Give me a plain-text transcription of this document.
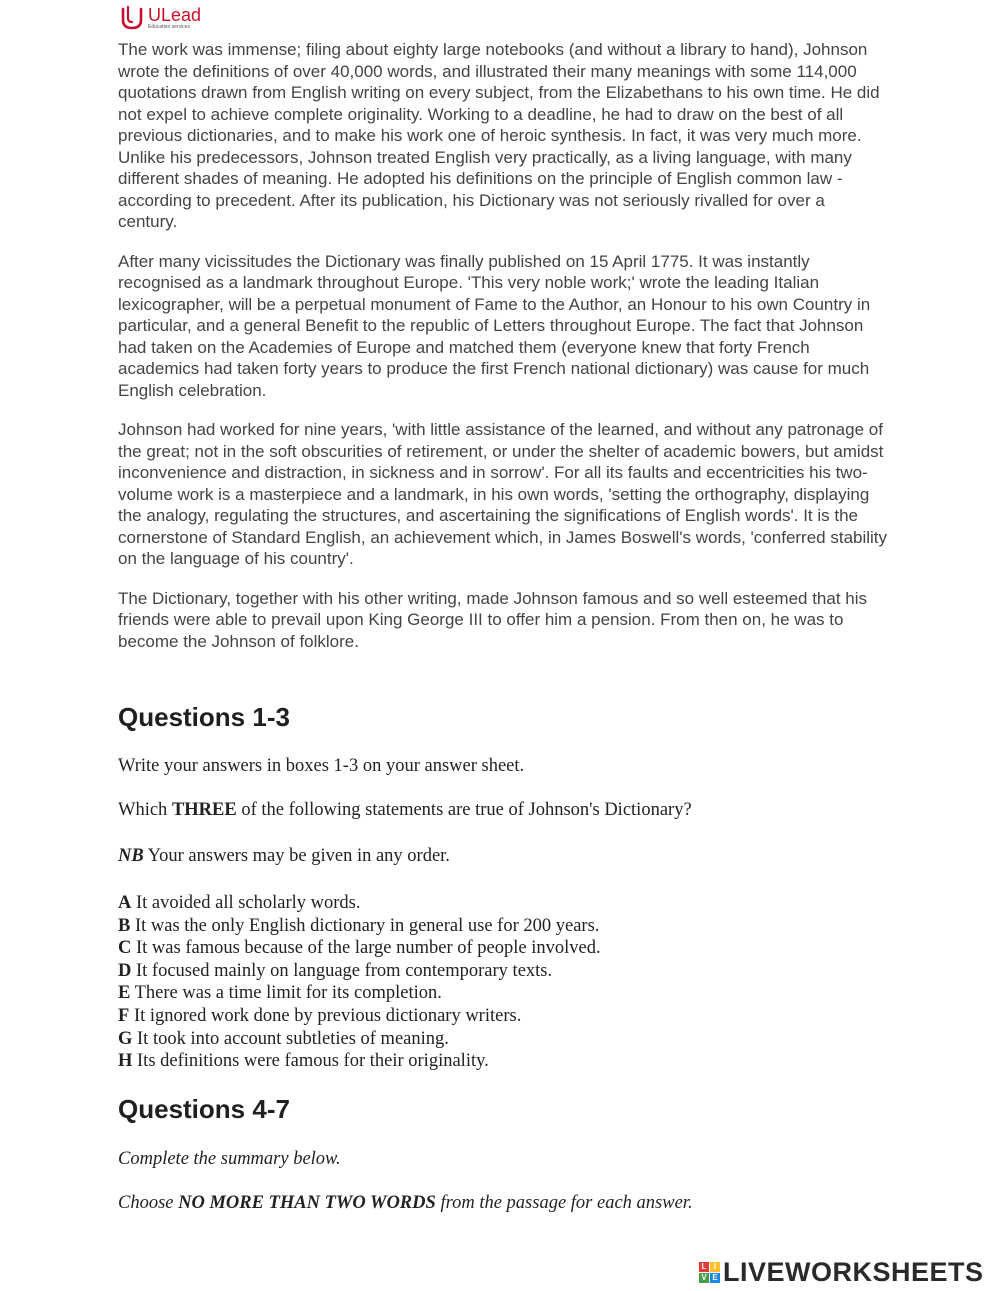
ULead
Education services

The work was immense; filing about eighty large notebooks (and without a library to hand), Johnson wrote the definitions of over 40,000 words, and illustrated their many meanings with some 114,000 quotations drawn from English writing on every subject, from the Elizabethans to his own time. He did not expel to achieve complete originality. Working to a deadline, he had to draw on the best of all previous dictionaries, and to make his work one of heroic synthesis. In fact, it was very much more. Unlike his predecessors, Johnson treated English very practically, as a living language, with many different shades of meaning. He adopted his definitions on the principle of English common law - according to precedent. After its publication, his Dictionary was not seriously rivalled for over a century.

After many vicissitudes the Dictionary was finally published on 15 April 1775. It was instantly recognised as a landmark throughout Europe. 'This very noble work;' wrote the leading Italian lexicographer, will be a perpetual monument of Fame to the Author, an Honour to his own Country in particular, and a general Benefit to the republic of Letters throughout Europe. The fact that Johnson had taken on the Academies of Europe and matched them (everyone knew that forty French academics had taken forty years to produce the first French national dictionary) was cause for much English celebration.

Johnson had worked for nine years, 'with little assistance of the learned, and without any patronage of the great; not in the soft obscurities of retirement, or under the shelter of academic bowers, but amidst inconvenience and distraction, in sickness and in sorrow'. For all its faults and eccentricities his two-volume work is a masterpiece and a landmark, in his own words, 'setting the orthography, displaying the analogy, regulating the structures, and ascertaining the significations of English words'. It is the cornerstone of Standard English, an achievement which, in James Boswell's words, 'conferred stability on the language of his country'.

The Dictionary, together with his other writing, made Johnson famous and so well esteemed that his friends were able to prevail upon King George III to offer him a pension. From then on, he was to become the Johnson of folklore.

Questions 1-3

Write your answers in boxes 1-3 on your answer sheet.

Which THREE of the following statements are true of Johnson's Dictionary?

NB Your answers may be given in any order.

A It avoided all scholarly words.
B It was the only English dictionary in general use for 200 years.
C It was famous because of the large number of people involved.
D It focused mainly on language from contemporary texts.
E There was a time limit for its completion.
F It ignored work done by previous dictionary writers.
G It took into account subtleties of meaning.
H Its definitions were famous for their originality.
Questions 4-7

Complete the summary below.

Choose NO MORE THAN TWO WORDS from the passage for each answer.

L I
V E LIVEWORKSHEETS
